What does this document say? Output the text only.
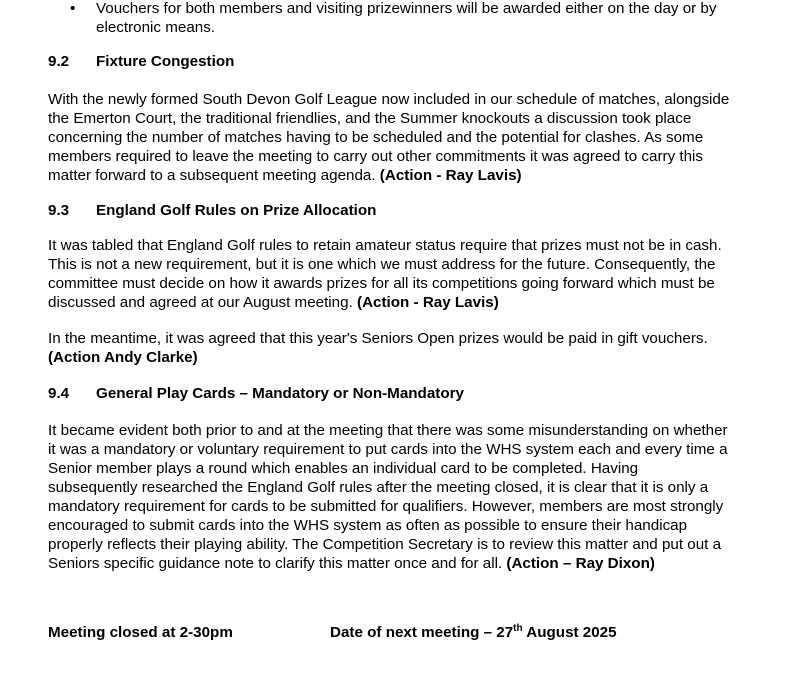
• Vouchers for both members and visiting prizewinners will be awarded either on the day or by
electronic means.
9.2 Fixture Congestion
With the newly formed South Devon Golf League now included in our schedule of matches, alongside
the Emerton Court, the traditional friendlies, and the Summer knockouts a discussion took place
concerning the number of matches having to be scheduled and the potential for clashes. As some
members required to leave the meeting to carry out other commitments it was agreed to carry this
matter forward to a subsequent meeting agenda. (Action - Ray Lavis)
9.3 England Golf Rules on Prize Allocation
It was tabled that England Golf rules to retain amateur status require that prizes must not be in cash.
This is not a new requirement, but it is one which we must address for the future. Consequently, the
committee must decide on how it awards prizes for all its competitions going forward which must be
discussed and agreed at our August meeting. (Action - Ray Lavis)
In the meantime, it was agreed that this year's Seniors Open prizes would be paid in gift vouchers.
(Action Andy Clarke)
9.4 General Play Cards – Mandatory or Non-Mandatory
It became evident both prior to and at the meeting that there was some misunderstanding on whether
it was a mandatory or voluntary requirement to put cards into the WHS system each and every time a
Senior member plays a round which enables an individual card to be completed. Having
subsequently researched the England Golf rules after the meeting closed, it is clear that it is only a
mandatory requirement for cards to be submitted for qualifiers. However, members are most strongly
encouraged to submit cards into the WHS system as often as possible to ensure their handicap
properly reflects their playing ability. The Competition Secretary is to review this matter and put out a
Seniors specific guidance note to clarify this matter once and for all. (Action – Ray Dixon)
Meeting closed at 2-30pm	Date of next meeting – 27th August 2025
